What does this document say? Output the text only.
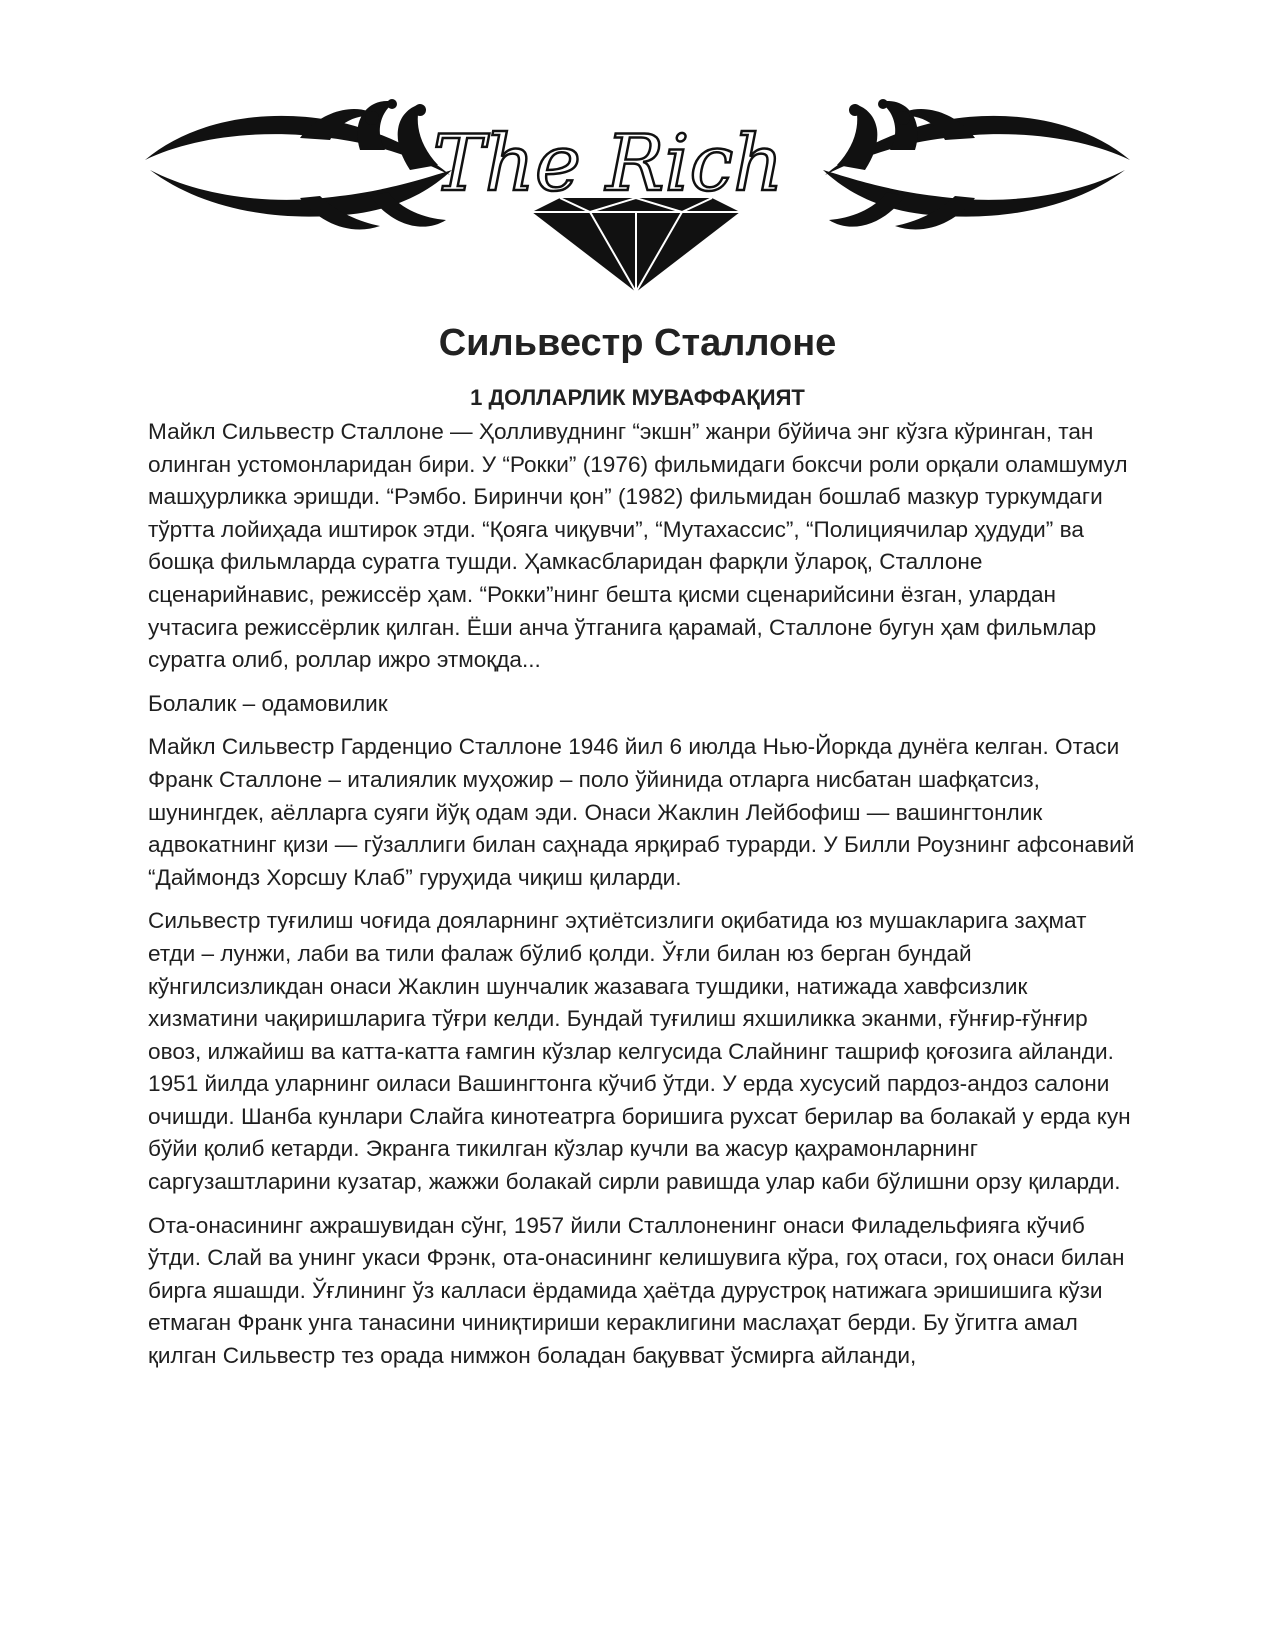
The Rich
Сильвестр Сталлоне
1 ДОЛЛАРЛИК МУВАФФАҚИЯТ

Майкл Сильвестр Сталлоне — Ҳолливуднинг “экшн” жанри бўйича энг кўзга кўринган, тан олинган устомонларидан бири. У “Рокки” (1976) фильмидаги боксчи роли орқали оламшумул машҳурликка эришди. “Рэмбо. Биринчи қон” (1982) фильмидан бошлаб мазкур туркумдаги тўртта лойиҳада иштирок этди. “Қояга чиқувчи”, “Мутахассис”, “Полициячилар ҳудуди” ва бошқа фильмларда суратга тушди. Ҳамкасбларидан фарқли ўлароқ, Сталлоне сценарийнавис, режиссёр ҳам. “Рокки”нинг бешта қисми сценарийсини ёзган, улардан учтасига режиссёрлик қилган. Ёши анча ўтганига қарамай, Сталлоне бугун ҳам фильмлар суратга олиб, роллар ижро этмоқда...

Болалик – одамовилик

Майкл Сильвестр Гарденцио Сталлоне 1946 йил 6 июлда Нью-Йоркда дунёга келган. Отаси Франк Сталлоне – италиялик муҳожир – поло ўйинида отларга нисбатан шафқатсиз, шунингдек, аёлларга суяги йўқ одам эди. Онаси Жаклин Лейбофиш — вашингтонлик адвокатнинг қизи — гўзаллиги билан саҳнада ярқираб турарди. У Билли Роузнинг афсонавий “Даймондз Хорсшу Клаб” гуруҳида чиқиш қиларди.

Сильвестр туғилиш чоғида дояларнинг эҳтиётсизлиги оқибатида юз мушакларига заҳмат етди – лунжи, лаби ва тили фалаж бўлиб қолди. Ўғли билан юз берган бундай кўнгилсизликдан онаси Жаклин шунчалик жазавага тушдики, натижада хавфсизлик хизматини чақиришларига тўғри келди. Бундай туғилиш яхшиликка эканми, ғўнғир-ғўнғир овоз, илжайиш ва катта-катта ғамгин кўзлар келгусида Слайнинг ташриф қоғозига айланди.

1951 йилда уларнинг оиласи Вашингтонга кўчиб ўтди. У ерда хусусий пардоз-андоз салони очишди. Шанба кунлари Слайга кинотеатрга боришига рухсат берилар ва болакай у ерда кун бўйи қолиб кетарди. Экранга тикилган кўзлар кучли ва жасур қаҳрамонларнинг саргузаштларини кузатар, жажжи болакай сирли равишда улар каби бўлишни орзу қиларди.

Ота-онасининг ажрашувидан сўнг, 1957 йили Сталлоненинг онаси Филадельфияга кўчиб ўтди. Слай ва унинг укаси Фрэнк, ота-онасининг келишувига кўра, гоҳ отаси, гоҳ онаси билан бирга яшашди. Ўғлининг ўз калласи ёрдамида ҳаётда дурустроқ натижага эришишига кўзи етмаган Франк унга танасини чиниқтириши кераклигини маслаҳат берди. Бу ўгитга амал қилган Сильвестр тез орада нимжон боладан бақувват ўсмирга айланди,
